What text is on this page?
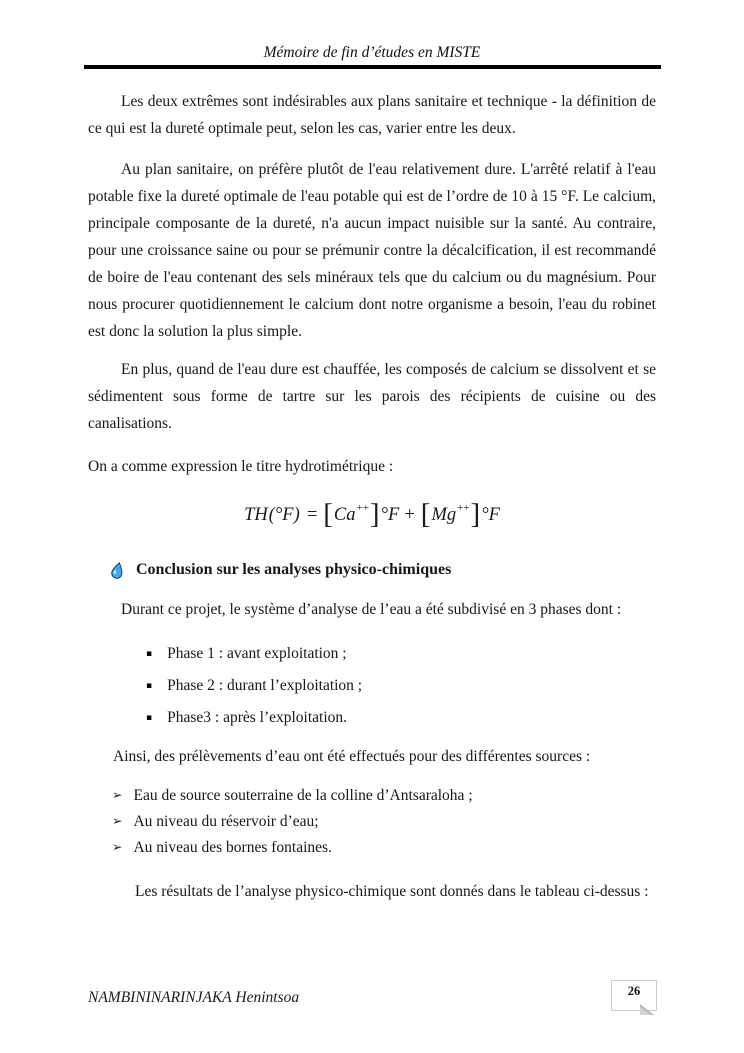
Mémoire de fin d’études en MISTE

Les deux extrêmes sont indésirables aux plans sanitaire et technique - la définition de ce qui est la dureté optimale peut, selon les cas, varier entre les deux.

Au plan sanitaire, on préfère plutôt de l'eau relativement dure. L'arrêté relatif à l'eau potable fixe la dureté optimale de l'eau potable qui est de l’ordre de 10 à 15 °F. Le calcium, principale composante de la dureté, n'a aucun impact nuisible sur la santé. Au contraire, pour une croissance saine ou pour se prémunir contre la décalcification, il est recommandé de boire de l'eau contenant des sels minéraux tels que du calcium ou du magnésium. Pour nous procurer quotidiennement le calcium dont notre organisme a besoin, l'eau du robinet est donc la solution la plus simple.

En plus, quand de l'eau dure est chauffée, les composés de calcium se dissolvent et se sédimentent sous forme de tartre sur les parois des récipients de cuisine ou des canalisations.

On a comme expression le titre hydrotimétrique :

TH (°F) = [ Ca++ ] °F + [ Mg++ ] °F
Conclusion sur les analyses physico-chimiques

Durant ce projet, le système d’analyse de l’eau a été subdivisé en 3 phases dont :

▪ Phase 1 : avant exploitation ;
▪ Phase 2 : durant l’exploitation ;
▪ Phase3 : après l’exploitation.

Ainsi, des prélèvements d’eau ont été effectués pour des différentes sources :

➢ Eau de source souterraine de la colline d’Antsaraloha ;
➢ Au niveau du réservoir d’eau;
➢ Au niveau des bornes fontaines.

Les résultats de l’analyse physico-chimique sont donnés dans le tableau ci-dessus :

NAMBININARINJAKA Henintsoa	26
